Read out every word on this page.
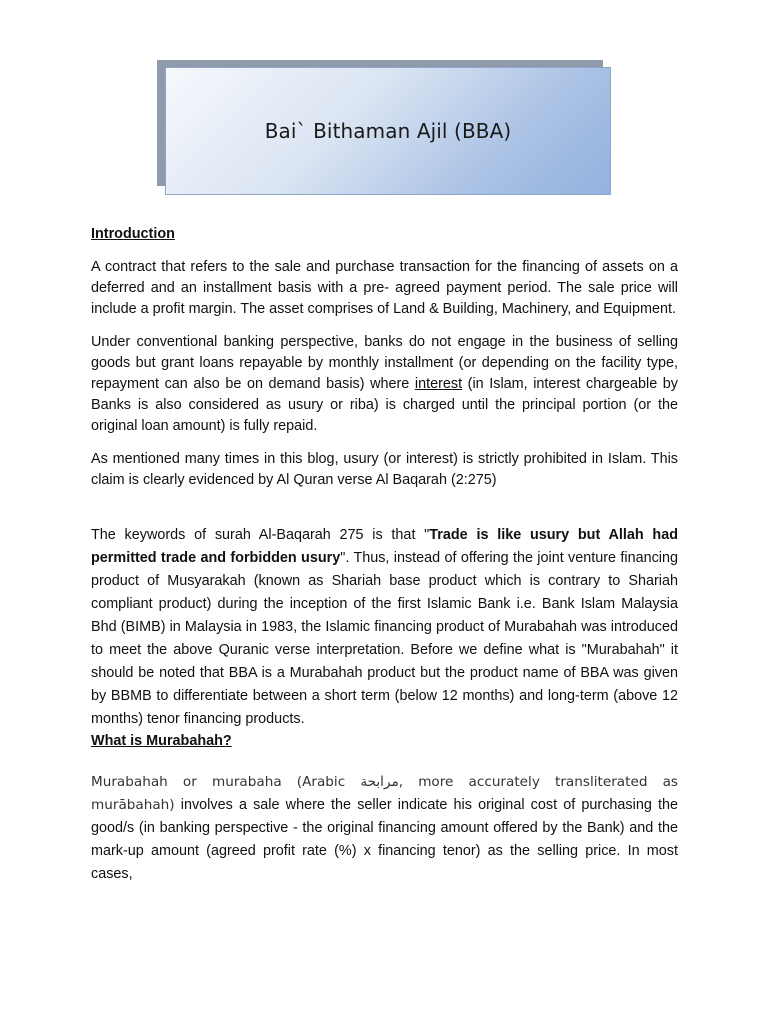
Bai` Bithaman Ajil (BBA)
Introduction

A contract that refers to the sale and purchase transaction for the financing of assets on a deferred and an installment basis with a pre- agreed payment period. The sale price will include a profit margin. The asset comprises of Land & Building, Machinery, and Equipment.

Under conventional banking perspective, banks do not engage in the business of selling goods but grant loans repayable by monthly installment (or depending on the facility type, repayment can also be on demand basis) where interest (in Islam, interest chargeable by Banks is also considered as usury or riba) is charged until the principal portion (or the original loan amount) is fully repaid.

As mentioned many times in this blog, usury (or interest) is strictly prohibited in Islam. This claim is clearly evidenced by Al Quran verse Al Baqarah (2:275)

The keywords of surah Al-Baqarah 275 is that "Trade is like usury but Allah had permitted trade and forbidden usury". Thus, instead of offering the joint venture financing product of Musyarakah (known as Shariah base product which is contrary to Shariah compliant product) during the inception of the first Islamic Bank i.e. Bank Islam Malaysia Bhd (BIMB) in Malaysia in 1983, the Islamic financing product of Murabahah was introduced to meet the above Quranic verse interpretation. Before we define what is "Murabahah" it should be noted that BBA is a Murabahah product but the product name of BBA was given by BBMB to differentiate between a short term (below 12 months) and long-term (above 12 months) tenor financing products.

What is Murabahah?

Murabahah or murabaha (Arabic مرابحة, more accurately transliterated as murābahah) involves a sale where the seller indicate his original cost of purchasing the good/s (in banking perspective - the original financing amount offered by the Bank) and the mark-up amount (agreed profit rate (%) x financing tenor) as the selling price. In most cases,
